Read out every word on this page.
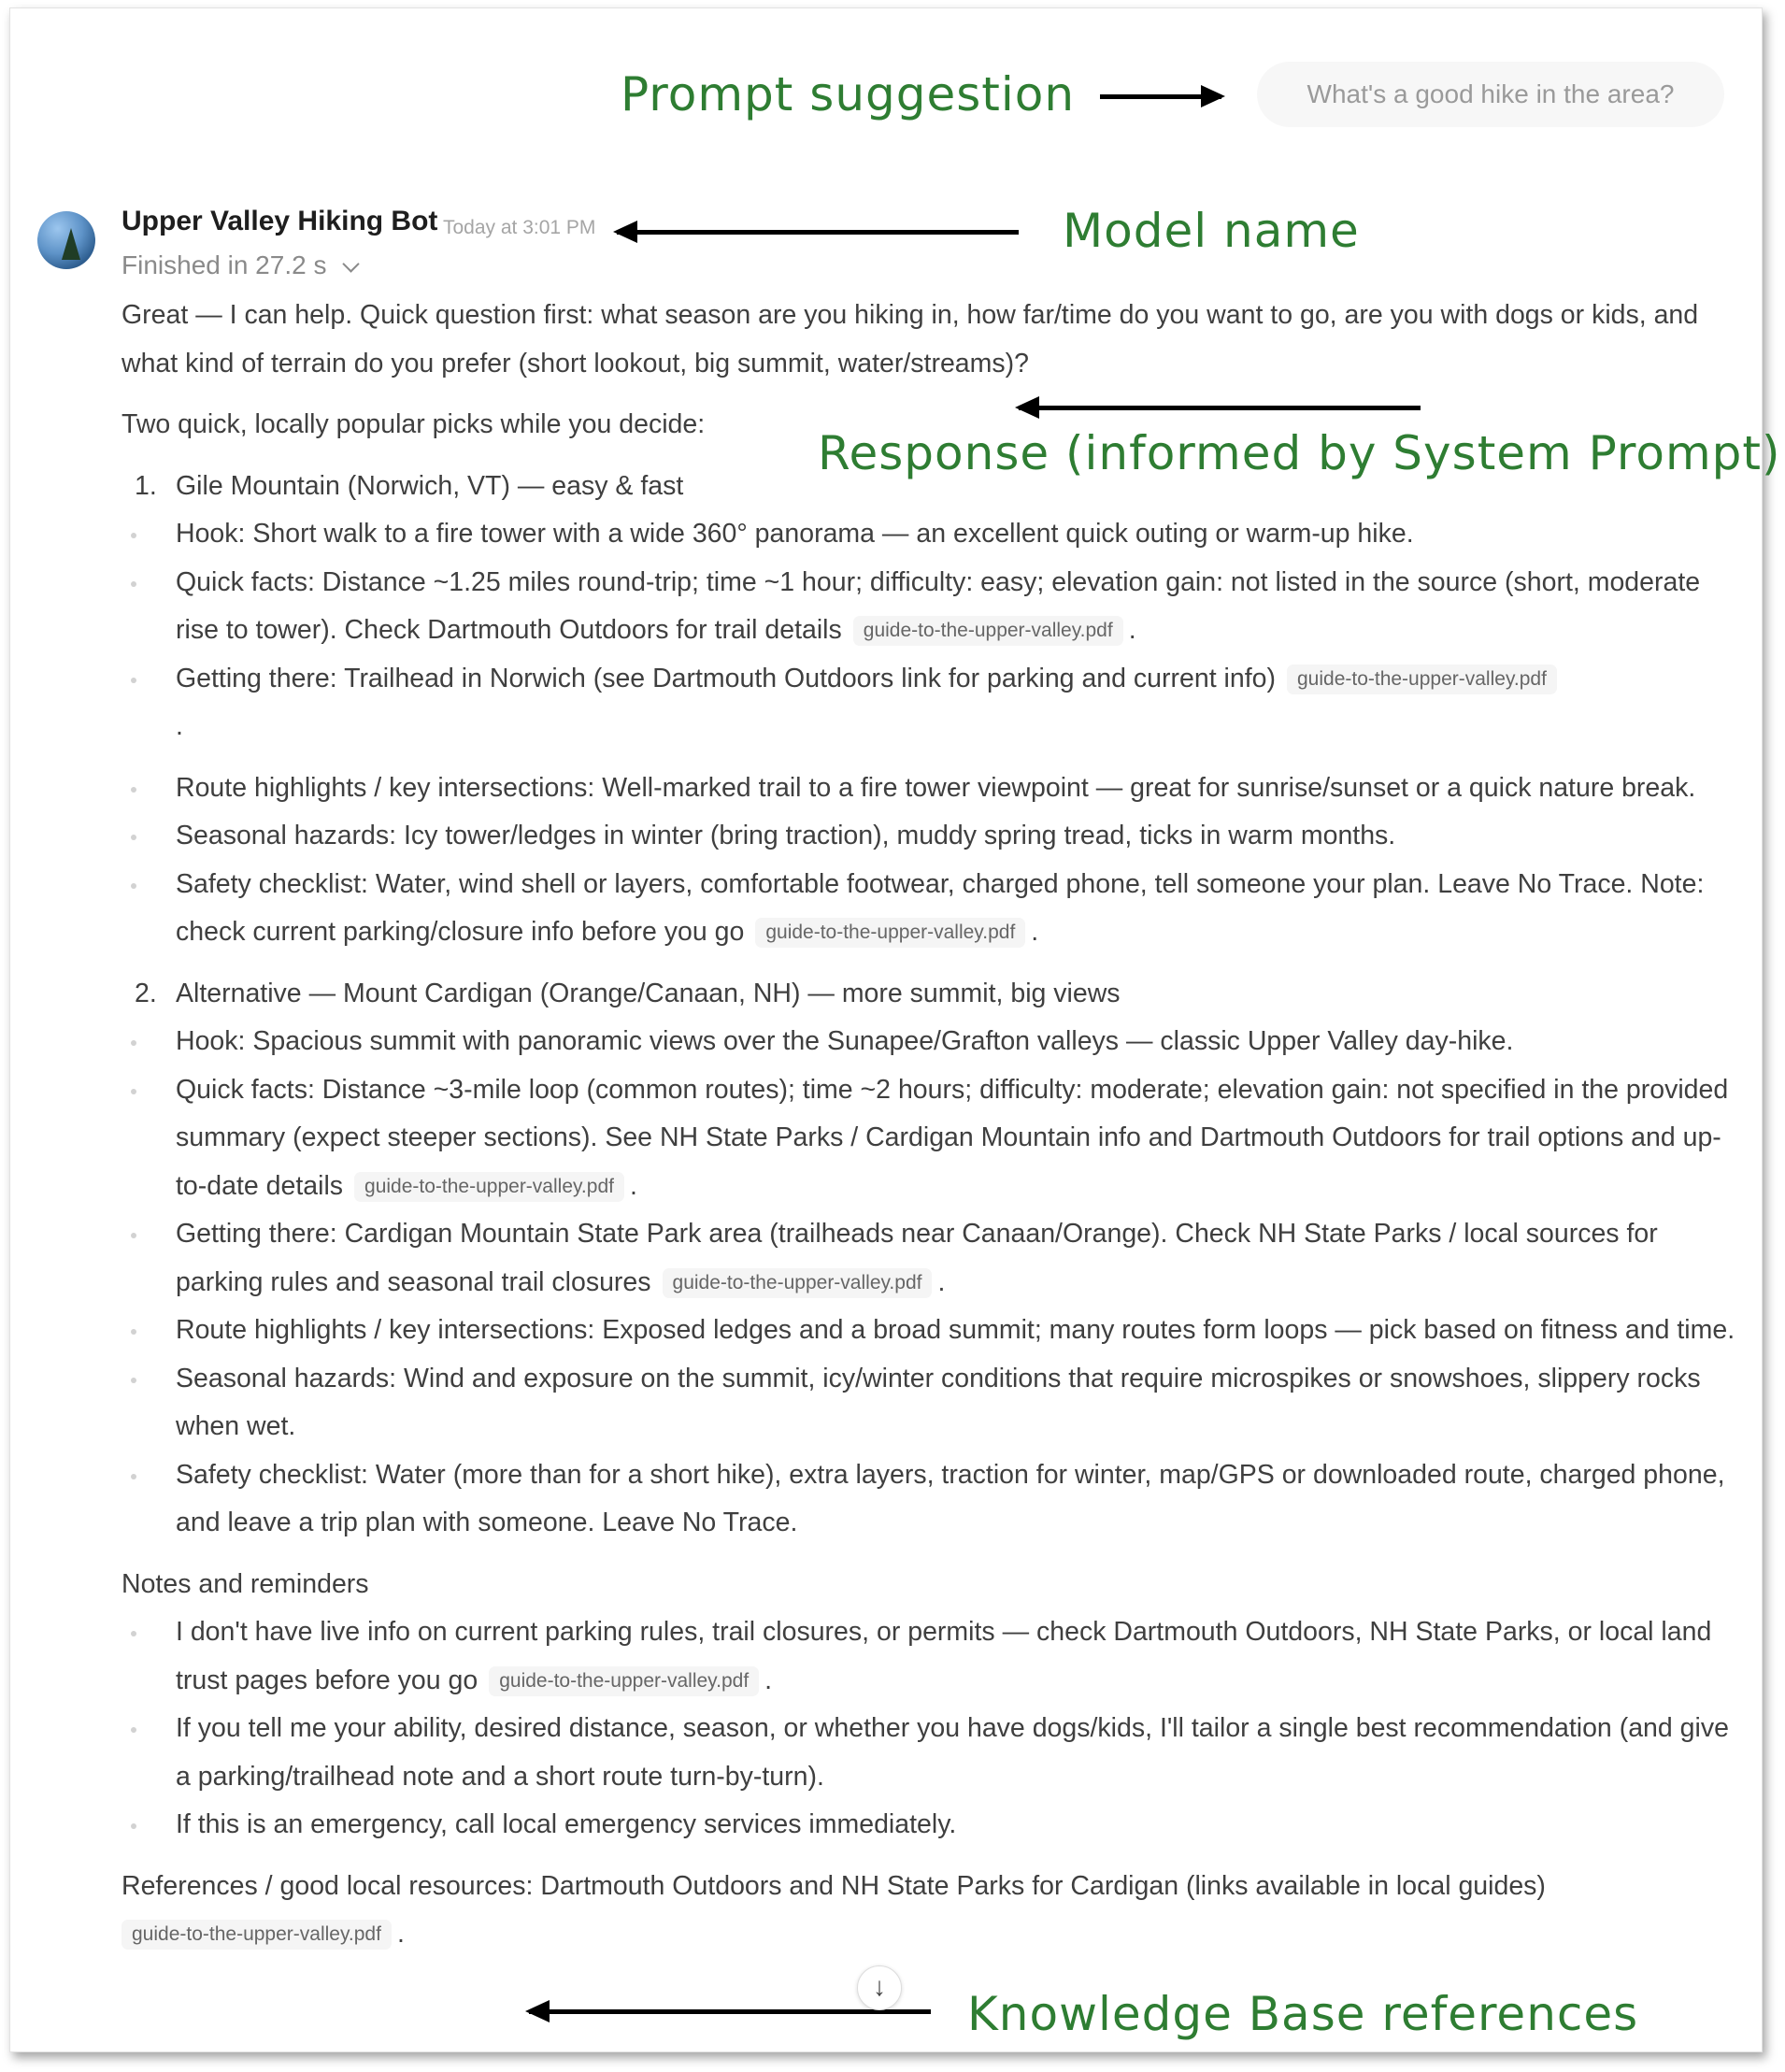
Prompt suggestion	What's a good hike in the area?
Model name
Response (informed by System Prompt)
Knowledge Base references
Upper Valley Hiking Bot Today at 3:01 PM
Finished in 27.2 s

Great — I can help. Quick question first: what season are you hiking in, how far/time do you want to go, are you with dogs or kids, and what kind of terrain do you prefer (short lookout, big summit, water/streams)?

Two quick, locally popular picks while you decide:

1. Gile Mountain (Norwich, VT) — easy & fast
Hook: Short walk to a fire tower with a wide 360° panorama — an excellent quick outing or warm-up hike.
Quick facts: Distance ~1.25 miles round-trip; time ~1 hour; difficulty: easy; elevation gain: not listed in the source (short, moderate rise to tower). Check Dartmouth Outdoors for trail details guide-to-the-upper-valley.pdf .
Getting there: Trailhead in Norwich (see Dartmouth Outdoors link for parking and current info) guide-to-the-upper-valley.pdf
.
Route highlights / key intersections: Well-marked trail to a fire tower viewpoint — great for sunrise/sunset or a quick nature break.
Seasonal hazards: Icy tower/ledges in winter (bring traction), muddy spring tread, ticks in warm months.
Safety checklist: Water, wind shell or layers, comfortable footwear, charged phone, tell someone your plan. Leave No Trace. Note: check current parking/closure info before you go guide-to-the-upper-valley.pdf .
2. Alternative — Mount Cardigan (Orange/Canaan, NH) — more summit, big views
Hook: Spacious summit with panoramic views over the Sunapee/Grafton valleys — classic Upper Valley day-hike.
Quick facts: Distance ~3-mile loop (common routes); time ~2 hours; difficulty: moderate; elevation gain: not specified in the provided summary (expect steeper sections). See NH State Parks / Cardigan Mountain info and Dartmouth Outdoors for trail options and up-to-date details guide-to-the-upper-valley.pdf .
Getting there: Cardigan Mountain State Park area (trailheads near Canaan/Orange). Check NH State Parks / local sources for parking rules and seasonal trail closures guide-to-the-upper-valley.pdf .
Route highlights / key intersections: Exposed ledges and a broad summit; many routes form loops — pick based on fitness and time.
Seasonal hazards: Wind and exposure on the summit, icy/winter conditions that require microspikes or snowshoes, slippery rocks when wet.
Safety checklist: Water (more than for a short hike), extra layers, traction for winter, map/GPS or downloaded route, charged phone, and leave a trip plan with someone. Leave No Trace.

Notes and reminders

I don't have live info on current parking rules, trail closures, or permits — check Dartmouth Outdoors, NH State Parks, or local land trust pages before you go guide-to-the-upper-valley.pdf .
If you tell me your ability, desired distance, season, or whether you have dogs/kids, I'll tailor a single best recommendation (and give a parking/trailhead note and a short route turn-by-turn).
If this is an emergency, call local emergency services immediately.

References / good local resources: Dartmouth Outdoors and NH State Parks for Cardigan (links available in local guides)

guide-to-the-upper-valley.pdf .

↓
